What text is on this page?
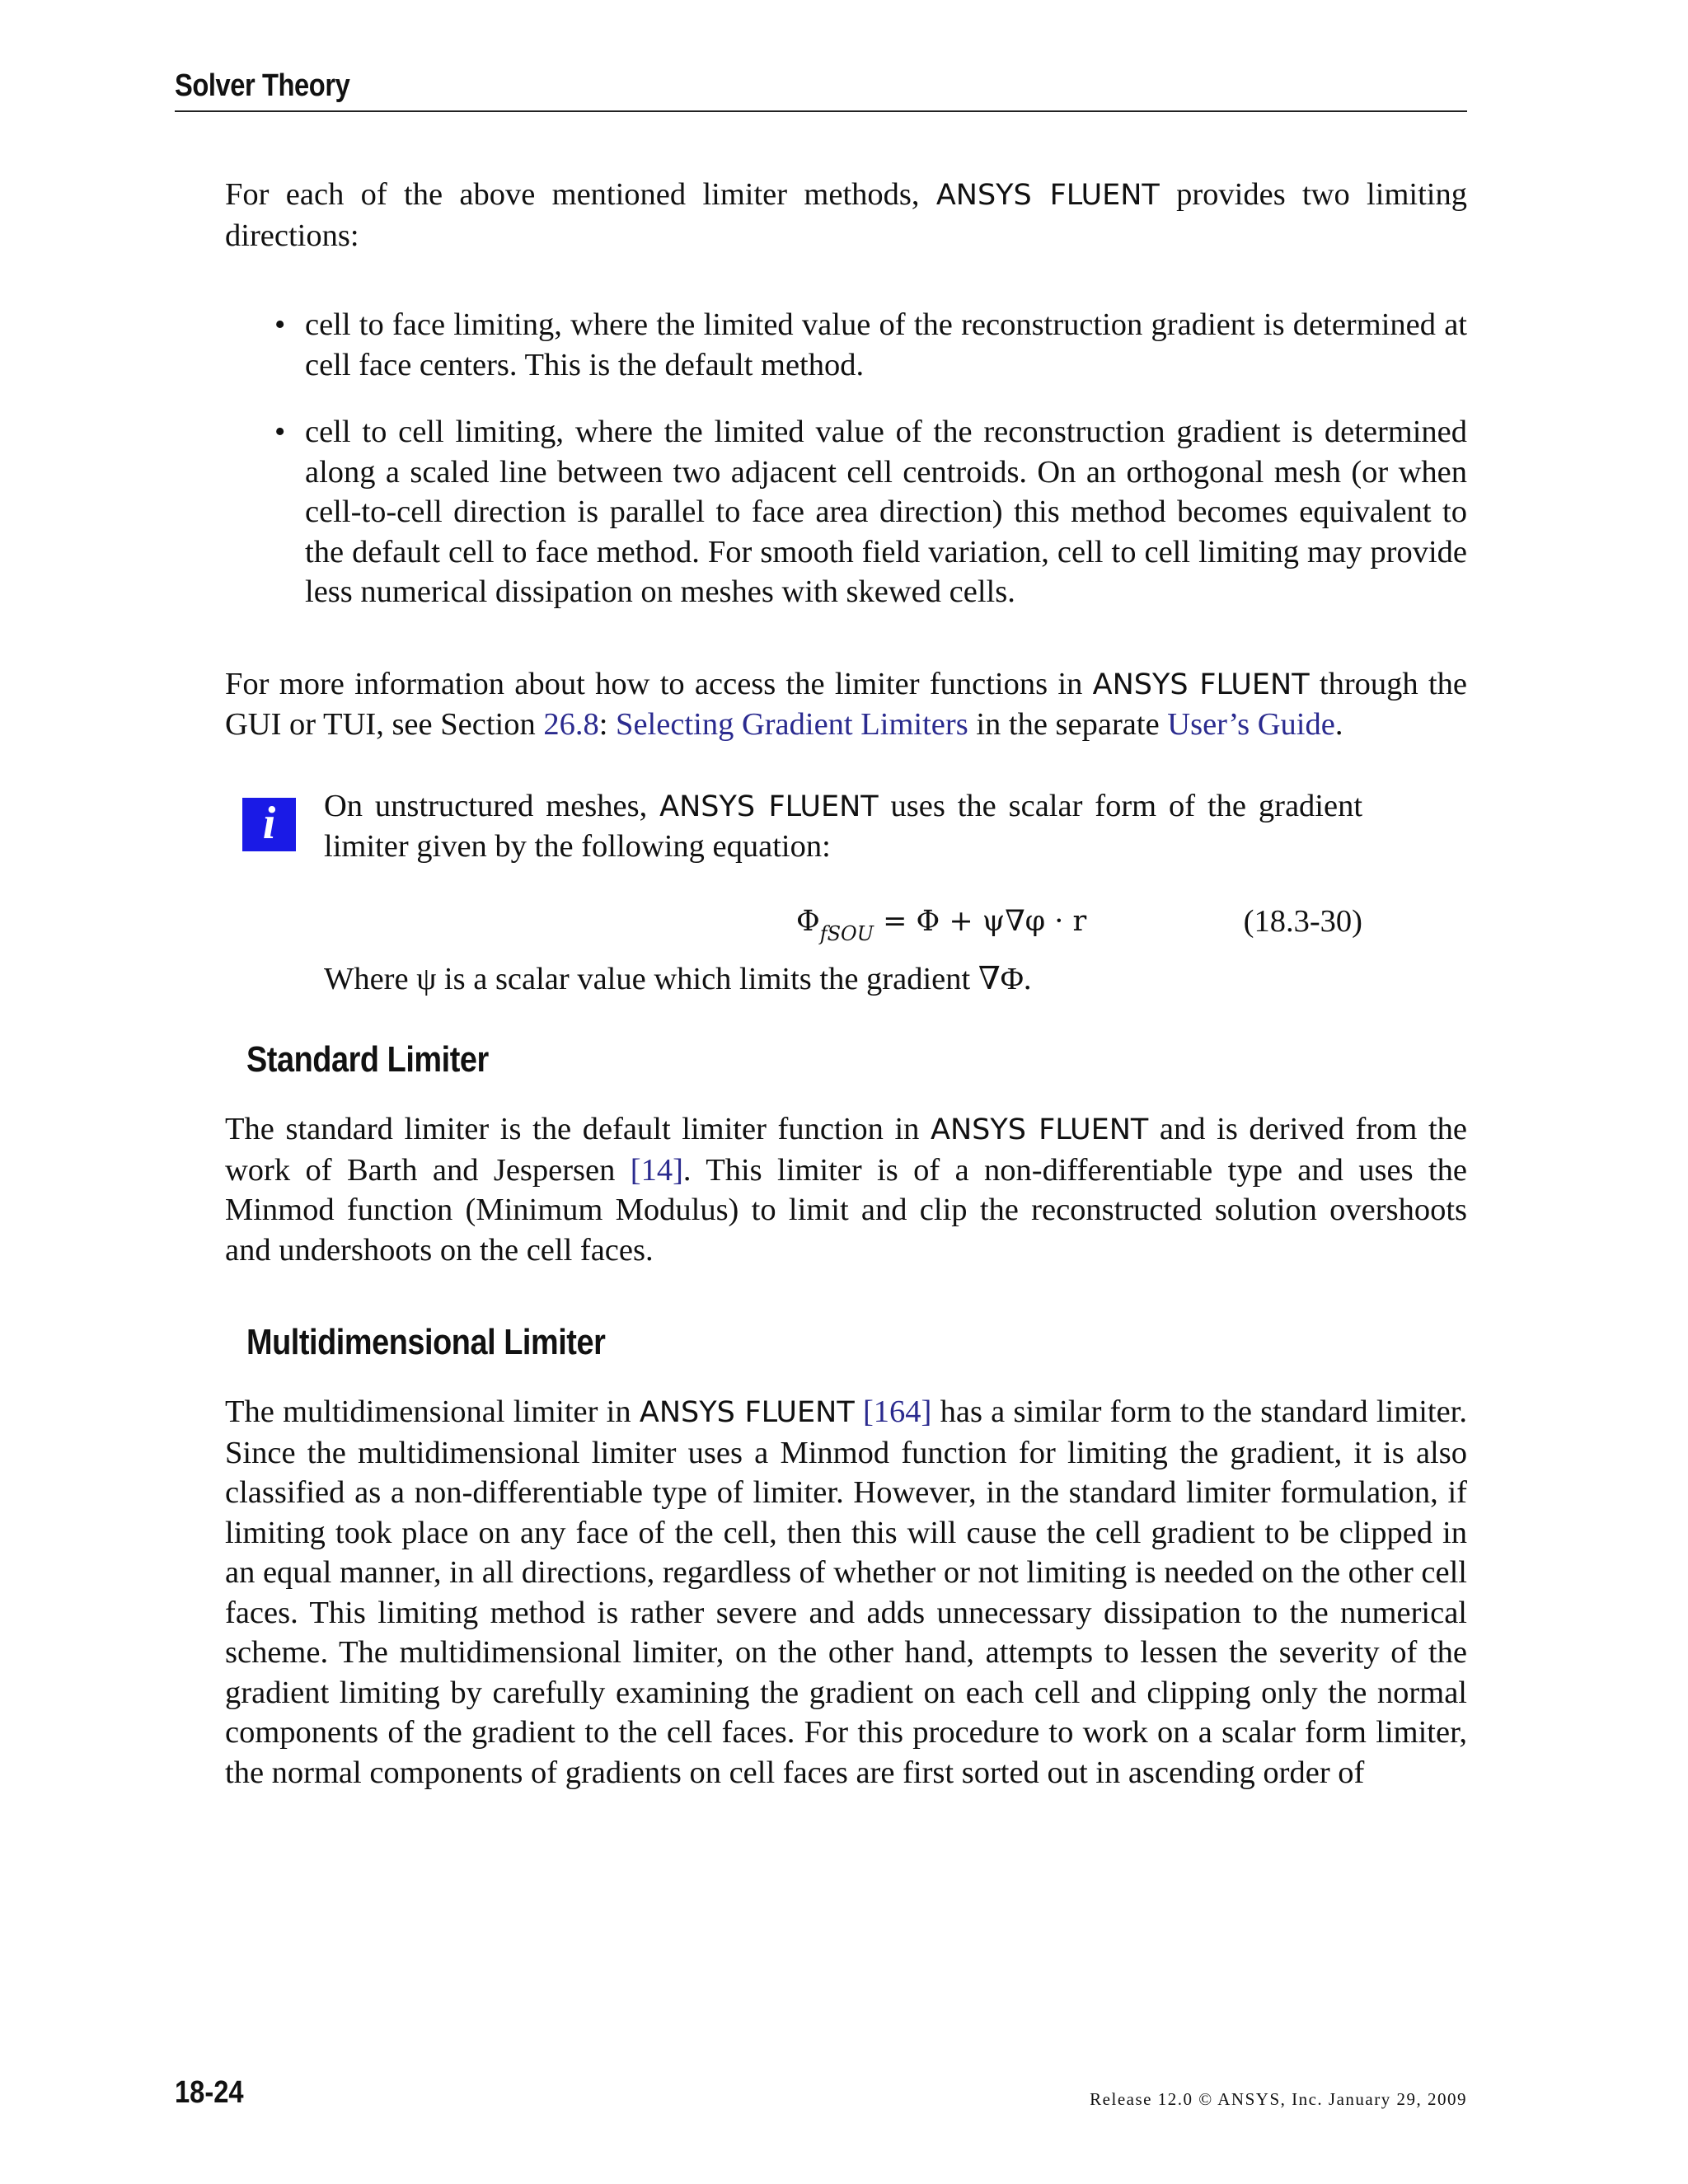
Solver Theory

For each of the above mentioned limiter methods, ANSYS FLUENT provides two limiting directions:

• cell to face limiting, where the limited value of the reconstruction gradient is determined at cell face centers. This is the default method.
• cell to cell limiting, where the limited value of the reconstruction gradient is determined along a scaled line between two adjacent cell centroids. On an orthogonal mesh (or when cell-to-cell direction is parallel to face area direction) this method becomes equivalent to the default cell to face method. For smooth field variation, cell to cell limiting may provide less numerical dissipation on meshes with skewed cells.

For more information about how to access the limiter functions in ANSYS FLUENT through the GUI or TUI, see Section 26.8: Selecting Gradient Limiters in the separate User’s Guide.

i	On unstructured meshes, ANSYS FLUENT uses the scalar form of the gradient limiter given by the following equation:
$\Phi_{fSOU} = \Phi + \psi\nabla\varphi \cdot r$	(18.3-30)

Where ψ is a scalar value which limits the gradient ∇Φ.

Standard Limiter

The standard limiter is the default limiter function in ANSYS FLUENT and is derived from the work of Barth and Jespersen [14]. This limiter is of a non-differentiable type and uses the Minmod function (Minimum Modulus) to limit and clip the reconstructed solution overshoots and undershoots on the cell faces.

Multidimensional Limiter

The multidimensional limiter in ANSYS FLUENT [164] has a similar form to the standard limiter. Since the multidimensional limiter uses a Minmod function for limiting the gradient, it is also classified as a non-differentiable type of limiter. However, in the standard limiter formulation, if limiting took place on any face of the cell, then this will cause the cell gradient to be clipped in an equal manner, in all directions, regardless of whether or not limiting is needed on the other cell faces. This limiting method is rather severe and adds unnecessary dissipation to the numerical scheme. The multidimensional limiter, on the other hand, attempts to lessen the severity of the gradient limiting by carefully examining the gradient on each cell and clipping only the normal components of the gradient to the cell faces. For this procedure to work on a scalar form limiter, the normal components of gradients on cell faces are first sorted out in ascending order of

18-24	Release 12.0 © ANSYS, Inc. January 29, 2009
